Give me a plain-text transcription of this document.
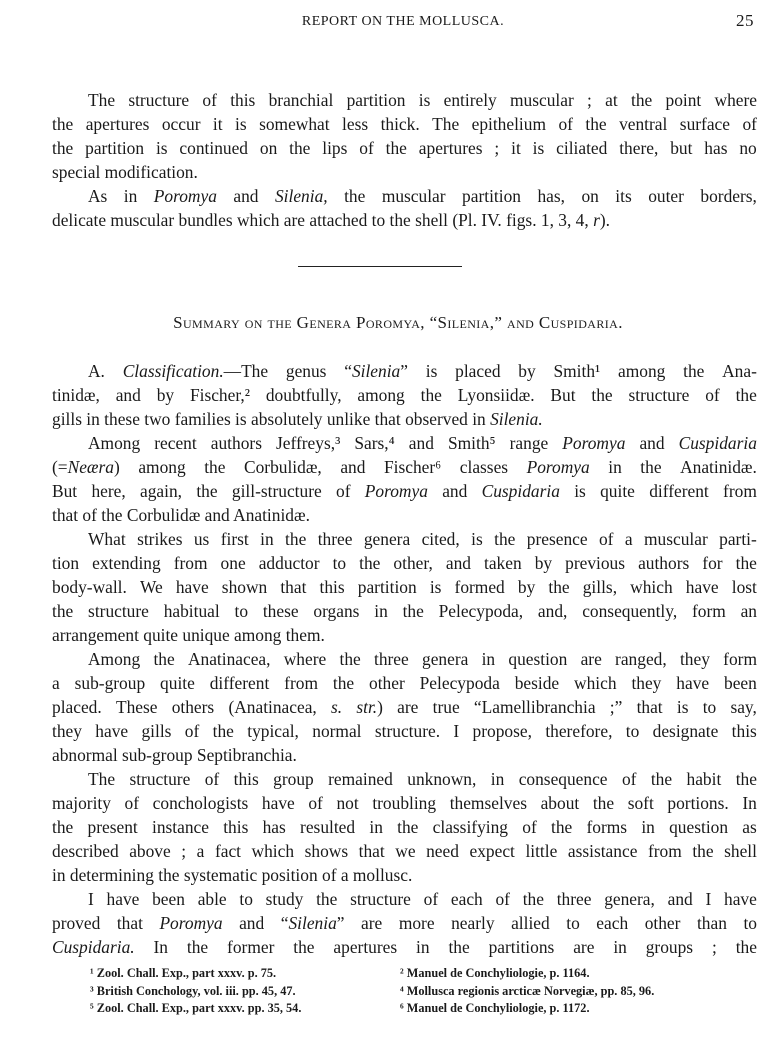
REPORT ON THE MOLLUSCA.	25
The structure of this branchial partition is entirely muscular ; at the point where
the apertures occur it is somewhat less thick. The epithelium of the ventral surface of
the partition is continued on the lips of the apertures ; it is ciliated there, but has no
special modification.
As in Poromya and Silenia, the muscular partition has, on its outer borders,
delicate muscular bundles which are attached to the shell (Pl. IV. figs. 1, 3, 4, r).
A. Classification.—The genus “Silenia” is placed by Smith¹ among the Ana-
tinidæ, and by Fischer,² doubtfully, among the Lyonsiidæ. But the structure of the
gills in these two families is absolutely unlike that observed in Silenia.
Among recent authors Jeffreys,³ Sars,⁴ and Smith⁵ range Poromya and Cuspidaria
(=Neæra) among the Corbulidæ, and Fischer⁶ classes Poromya in the Anatinidæ.
But here, again, the gill-structure of Poromya and Cuspidaria is quite different from
that of the Corbulidæ and Anatinidæ.
What strikes us first in the three genera cited, is the presence of a muscular parti-
tion extending from one adductor to the other, and taken by previous authors for the
body-wall. We have shown that this partition is formed by the gills, which have lost
the structure habitual to these organs in the Pelecypoda, and, consequently, form an
arrangement quite unique among them.
Among the Anatinacea, where the three genera in question are ranged, they form
a sub-group quite different from the other Pelecypoda beside which they have been
placed. These others (Anatinacea, s. str.) are true “Lamellibranchia ;” that is to say,
they have gills of the typical, normal structure. I propose, therefore, to designate this
abnormal sub-group Septibranchia.
The structure of this group remained unknown, in consequence of the habit the
majority of conchologists have of not troubling themselves about the soft portions. In
the present instance this has resulted in the classifying of the forms in question as
described above ; a fact which shows that we need expect little assistance from the shell
in determining the systematic position of a mollusc.
I have been able to study the structure of each of the three genera, and I have
proved that Poromya and “Silenia” are more nearly allied to each other than to
Cuspidaria. In the former the apertures in the partitions are in groups ; the
Summary on the Genera Poromya, “Silenia,” and Cuspidaria.
¹ Zool. Chall. Exp., part xxxv. p. 75.
³ British Conchology, vol. iii. pp. 45, 47.
⁵ Zool. Chall. Exp., part xxxv. pp. 35, 54.
² Manuel de Conchyliologie, p. 1164.
⁴ Mollusca regionis arcticæ Norvegiæ, pp. 85, 96.
⁶ Manuel de Conchyliologie, p. 1172.
